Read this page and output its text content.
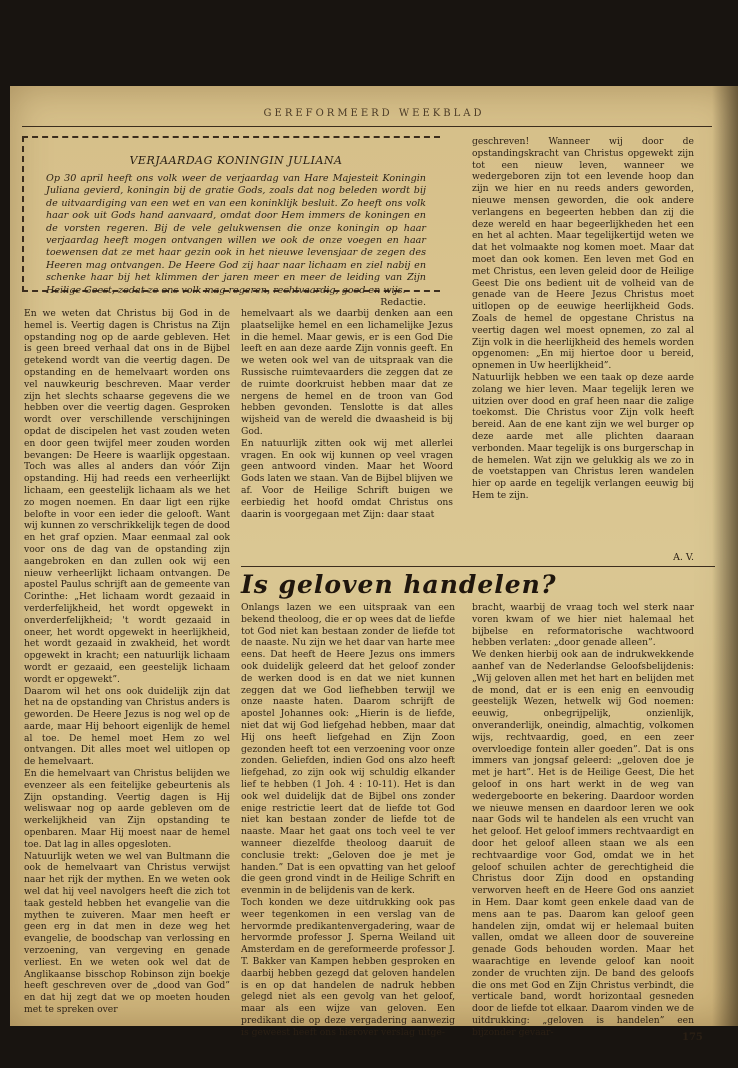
GEREFORMEERD WEEKBLAD
VERJAARDAG KONINGIN JULIANA
Op 30 april heeft ons volk weer de verjaardag van Hare Majesteit Koningin Juliana gevierd, koningin bij de gratie Gods, zoals dat nog beleden wordt bij de uitvaardiging van een wet en van een koninklijk besluit. Zo heeft ons volk haar ook uit Gods hand aanvaard, omdat door Hem immers de koningen en de vorsten regeren. Bij de vele gelukwensen die onze koningin op haar verjaardag heeft mogen ontvangen willen we ook de onze voegen en haar toewensen dat ze met haar gezin ook in het nieuwe levensjaar de zegen des Heeren mag ontvangen. De Heere God zij haar naar lichaam en ziel nabij en schenke haar bij het klimmen der jaren meer en meer de leiding van Zijn Heilige Geest, zodat ze ons volk mag regeren, rechtvaardig, goed en wijs.
Redactie.
En we weten dat Christus bij God in de hemel is. Veertig dagen is Christus na Zijn opstanding nog op de aarde gebleven. Het is geen breed verhaal dat ons in de Bijbel getekend wordt van die veertig dagen. De opstanding en de hemelvaart worden ons vel nauwkeurig beschreven. Maar verder zijn het slechts schaarse gegevens die we hebben over die veertig dagen. Gesproken wordt over verschillende verschijningen opdat de discipelen het vast zouden weten en door geen twijfel meer zouden worden bevangen: De Heere is waarlijk opgestaan. Toch was alles al anders dan vóór Zijn opstanding. Hij had reeds een verheerlijkt lichaam, een geestelijk lichaam als we het zo mogen noemen. En daar ligt een rijke belofte in voor een ieder die gelooft. Want wij kunnen zo verschrikkelijk tegen de dood en het graf opzien. Maar eenmaal zal ook voor ons de dag van de opstanding zijn aangebroken en dan zullen ook wij een nieuw verheerlijkt lichaam ontvangen. De apostel Paulus schrijft aan de gemeente van Corinthe: „Het lichaam wordt gezaaid in verderfelijkheid, het wordt opgewekt in onverderfelijkheid; 't wordt gezaaid in oneer, het wordt opgewekt in heerlijkheid, het wordt gezaaid in zwakheid, het wordt opgewekt in kracht; een natuurlijk lichaam wordt er gezaaid, een geestelijk lichaam wordt er opgewekt”.
Daarom wil het ons ook duidelijk zijn dat het na de opstanding van Christus anders is geworden. De Heere Jezus is nog wel op de aarde, maar Hij behoort eigenlijk de hemel al toe. De hemel moet Hem zo wel ontvangen. Dit alles moet wel uitlopen op de hemelvaart.
En die hemelvaart van Christus belijden we evenzeer als een feitelijke gebeurtenis als Zijn opstanding. Veertig dagen is Hij weliswaar nog op aarde gebleven om de werkelijkheid van Zijn opstanding te openbaren. Maar Hij moest naar de hemel toe. Dat lag in alles opgesloten.
Natuurlijk weten we wel van Bultmann die ook de hemelvaart van Christus verwijst naar het rijk der mythen. En we weten ook wel dat hij veel navolgers heeft die zich tot taak gesteld hebben het evangelie van die mythen te zuiveren. Maar men heeft er geen erg in dat men in deze weg het evangelie, de boodschap van verlossing en verzoening, van vergeving en genade verliest. En we weten ook wel dat de Anglikaanse bisschop Robinson zijn boekje heeft geschreven over de „dood van God” en dat hij zegt dat we op moeten houden met te spreken over
hemelvaart als we daarbij denken aan een plaatselijke hemel en een lichamelijke Jezus in die hemel. Maar gewis, er is een God Die leeft en aan deze aarde Zijn vonnis geeft. En we weten ook wel van de uitspraak van die Russische ruimtevaarders die zeggen dat ze de ruimte doorkruist hebben maar dat ze nergens de hemel en de troon van God hebben gevonden. Tenslotte is dat alles wijsheid van de wereld die dwaasheid is bij God.
En natuurlijk zitten ook wij met allerlei vragen. En ook wij kunnen op veel vragen geen antwoord vinden. Maar het Woord Gods laten we staan. Van de Bijbel blijven we af. Voor de Heilige Schrift buigen we eerbiedig het hoofd omdat Christus ons daarin is voorgegaan met Zijn: daar staat
geschreven! Wanneer wij door de opstandingskracht van Christus opgewekt zijn tot een nieuw leven, wanneer we wedergeboren zijn tot een levende hoop dan zijn we hier en nu reeds anders geworden, nieuwe mensen geworden, die ook andere verlangens en begeerten hebben dan zij die deze wereld en haar begeerlijkheden het een en het al achten. Maar tegelijkertijd weten we dat het volmaakte nog komen moet. Maar dat moet dan ook komen. Een leven met God en met Christus, een leven geleid door de Heilige Geest Die ons bedient uit de volheid van de genade van de Heere Jezus Christus moet uitlopen op de eeuwige heerlijkheid Gods. Zoals de hemel de opgestane Christus na veertig dagen wel moest opnemen, zo zal al Zijn volk in die heerlijkheid des hemels worden opgenomen: „En mij hiertoe door u bereid, opnemen in Uw heerlijkheid”.
Natuurlijk hebben we een taak op deze aarde zolang we hier leven. Maar tegelijk leren we uitzien over dood en graf heen naar die zalige toekomst. Die Christus voor Zijn volk heeft bereid. Aan de ene kant zijn we wel burger op deze aarde met alle plichten daaraan verbonden. Maar tegelijk is ons burgerschap in de hemelen. Wat zijn we gelukkig als we zo in de voetstappen van Christus leren wandelen hier op aarde en tegelijk verlangen eeuwig bij Hem te zijn.
A. V.
Is geloven handelen?
Onlangs lazen we een uitspraak van een bekend theoloog, die er op wees dat de liefde tot God niet kan bestaan zonder de liefde tot de naaste. Nu zijn we het daar van harte mee eens. Dat heeft de Heere Jezus ons immers ook duidelijk geleerd dat het geloof zonder de werken dood is en dat we niet kunnen zeggen dat we God liefhebben terwijl we onze naaste haten. Daarom schrijft de apostel Johannes ook: „Hierin is de liefde, niet dat wij God liefgehad hebben, maar dat Hij ons heeft liefgehad en Zijn Zoon gezonden heeft tot een verzoening voor onze zonden. Geliefden, indien God ons alzo heeft liefgehad, zo zijn ook wij schuldig elkander lief te hebben (1 Joh. 4 : 10-11). Het is dan ook wel duidelijk dat de Bijbel ons zonder enige restrictie leert dat de liefde tot God niet kan bestaan zonder de liefde tot de naaste. Maar het gaat ons toch veel te ver wanneer diezelfde theoloog daaruit de conclusie trekt: „Geloven doe je met je handen.” Dat is een opvatting van het geloof die geen grond vindt in de Heilige Schrift en evenmin in de belijdenis van de kerk.
Toch konden we deze uitdrukking ook pas weer tegenkomen in een verslag van de hervormde predikantenvergadering, waar de hervormde professor J. Sperna Weiland uit Amsterdam en de gereformeerde professor J. T. Bakker van Kampen hebben gesproken en daarbij hebben gezegd dat geloven handelen is en op dat handelen de nadruk hebben gelegd niet als een gevolg van het geloof, maar als een wijze van geloven. Een predikant die op deze vergadering aanwezig is geweest heeft ons hierover verslag uitge-
bracht, waarbij de vraag toch wel sterk naar voren kwam of we hier niet halemaal het bijbelse en reformatorische wachtwoord hebben verlaten: „door genade alleen”.
We denken hierbij ook aan de indrukwekkende aanhef van de Nederlandse Geloofsbelijdenis: „Wij geloven allen met het hart en belijden met de mond, dat er is een enig en eenvoudig geestelijk Wezen, hetwelk wij God noemen: eeuwig, onbegrijpelijk, onzienlijk, onveranderlijk, oneindig, almachtig, volkomen wijs, rechtvaardig, goed, en een zeer overvloedige fontein aller goeden”. Dat is ons immers van jongsaf geleerd: „geloven doe je met je hart”. Het is de Heilige Geest, Die het geloof in ons hart werkt in de weg van wedergeboorte en bekering. Daardoor worden we nieuwe mensen en daardoor leren we ook naar Gods wil te handelen als een vrucht van het geloof. Het geloof immers rechtvaardigt en door het geloof alleen staan we als een rechtvaardige voor God, omdat we in het geloof schuilen achter de gerechtigheid die Christus door Zijn dood en opstanding verworven heeft en de Heere God ons aanziet in Hem. Daar komt geen enkele daad van de mens aan te pas. Daarom kan geloof geen handelen zijn, omdat wij er helemaal buiten vallen, omdat we alleen door de souvereine genade Gods behouden worden. Maar het waarachtige en levende geloof kan nooit zonder de vruchten zijn. De band des geloofs die ons met God en Zijn Christus verbindt, die verticale band, wordt horizontaal gesneden door de liefde tot elkaar. Daarom vinden we de uitdrukking: „geloven is handelen” een bijzonder gevaar-	175
